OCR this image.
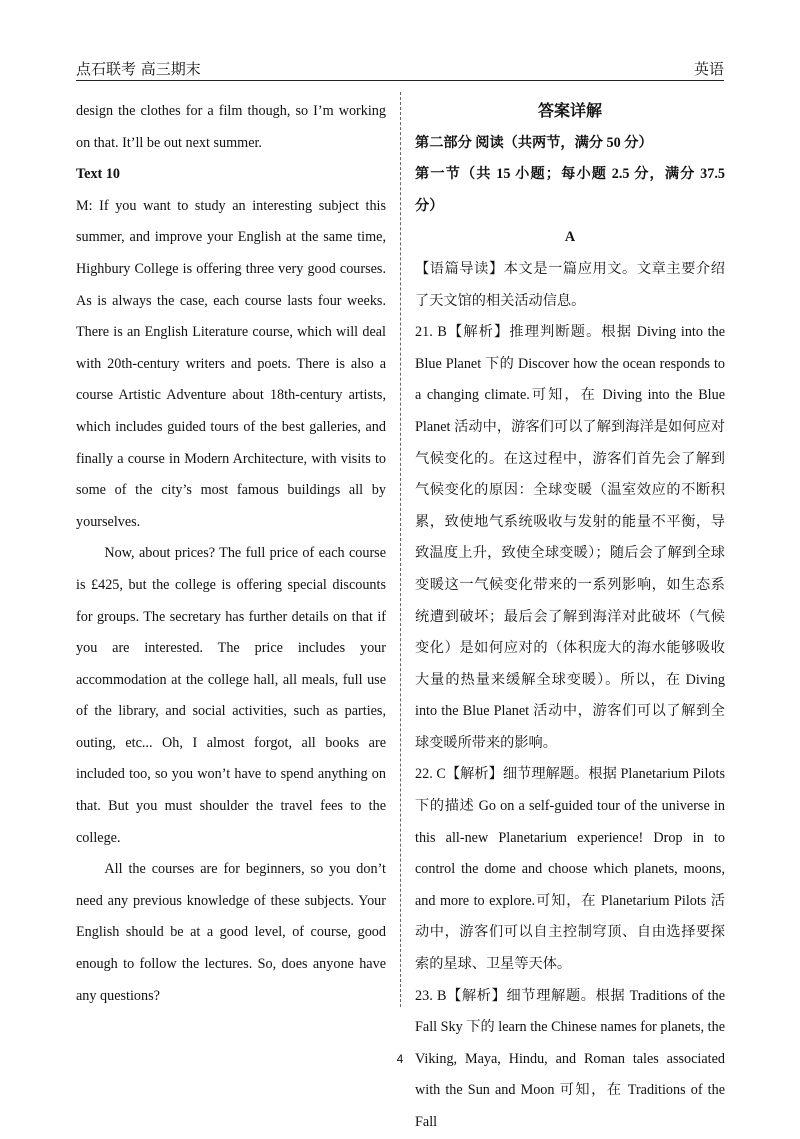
点石联考 高三期末	英语

design the clothes for a film though, so I’m working on that. It’ll be out next summer.

Text 10

M: If you want to study an interesting subject this summer, and improve your English at the same time, Highbury College is offering three very good courses. As is always the case, each course lasts four weeks. There is an English Literature course, which will deal with 20th-century writers and poets. There is also a course Artistic Adventure about 18th-century artists, which includes guided tours of the best galleries, and finally a course in Modern Architecture, with visits to some of the city’s most famous buildings all by yourselves.

Now, about prices? The full price of each course is £425, but the college is offering special discounts for groups. The secretary has further details on that if you are interested. The price includes your accommodation at the college hall, all meals, full use of the library, and social activities, such as parties, outing, etc... Oh, I almost forgot, all books are included too, so you won’t have to spend anything on that. But you must shoulder the travel fees to the college.

All the courses are for beginners, so you don’t need any previous knowledge of these subjects. Your English should be at a good level, of course, good enough to follow the lectures. So, does anyone have any questions?

答案详解

第二部分 阅读（共两节，满分 50 分）

第一节（共 15 小题；每小题 2.5 分，满分 37.5 分）

A

【语篇导读】本文是一篇应用文。文章主要介绍了天文馆的相关活动信息。

21. B【解析】推理判断题。根据 Diving into the Blue Planet 下的 Discover how the ocean responds to a changing climate.可知，在 Diving into the Blue Planet 活动中，游客们可以了解到海洋是如何应对气候变化的。在这过程中，游客们首先会了解到气候变化的原因：全球变暖（温室效应的不断积累，致使地气系统吸收与发射的能量不平衡，导致温度上升，致使全球变暖）；随后会了解到全球变暖这一气候变化带来的一系列影响，如生态系统遭到破坏；最后会了解到海洋对此破坏（气候变化）是如何应对的（体积庞大的海水能够吸收大量的热量来缓解全球变暖）。所以，在 Diving into the Blue Planet 活动中，游客们可以了解到全球变暖所带来的影响。

22. C【解析】细节理解题。根据 Planetarium Pilots 下的描述 Go on a self-guided tour of the universe in this all-new Planetarium experience! Drop in to control the dome and choose which planets, moons, and more to explore.可知，在 Planetarium Pilots 活动中，游客们可以自主控制穹顶、自由选择要探索的星球、卫星等天体。

23. B【解析】细节理解题。根据 Traditions of the Fall Sky 下的 learn the Chinese names for planets, the Viking, Maya, Hindu, and Roman tales associated with the Sun and Moon 可知，在 Traditions of the Fall

4
